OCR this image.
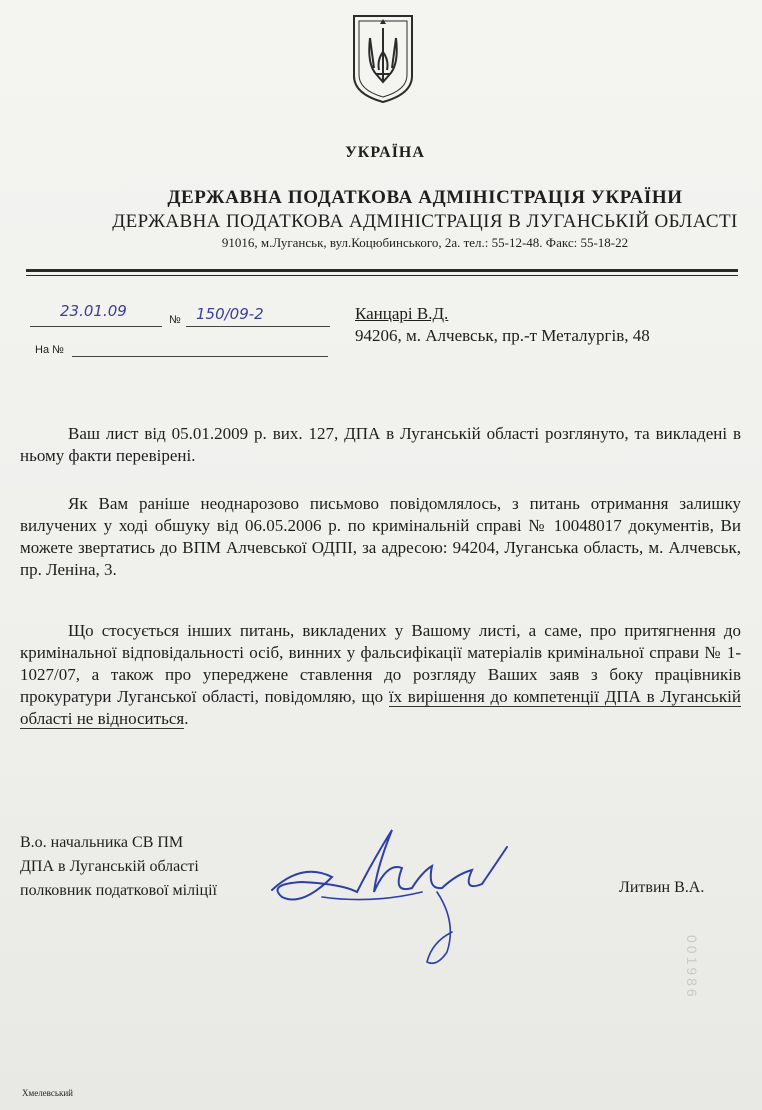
УКРАЇНА
ДЕРЖАВНА ПОДАТКОВА АДМІНІСТРАЦІЯ УКРАЇНИ
ДЕРЖАВНА ПОДАТКОВА АДМІНІСТРАЦІЯ В ЛУГАНСЬКІЙ ОБЛАСТІ
91016, м.Луганськ, вул.Коцюбинського, 2а. тел.: 55-12-48. Факс: 55-18-22
23.01.09	№ 150/09-2
На №
Канцарі В.Д.
94206, м. Алчевськ, пр.-т Металургів, 48
Ваш лист від 05.01.2009 р. вих. 127, ДПА в Луганській області розглянуто, та викладені в ньому факти перевірені.
Як Вам раніше неоднарозово письмово повідомлялось, з питань отримання залишку вилучених у ході обшуку від 06.05.2006 р. по кримінальній справі № 10048017 документів, Ви можете звертатись до ВПМ Алчевської ОДПІ, за адресою: 94204, Луганська область, м. Алчевськ, пр. Леніна, 3.
Що стосується інших питань, викладених у Вашому листі, а саме, про притягнення до кримінальної відповідальності осіб, винних у фальсифікації матеріалів кримінальної справи № 1-1027/07, а також про упереджене ставлення до розгляду Ваших заяв з боку працівників прокуратури Луганської області, повідомляю, що їх вирішення до компетенції ДПА в Луганській області не відноситься.
В.о. начальника СВ ПМ
ДПА в Луганській області
полковник податкової міліції	Литвин В.А.
001986
Хмелевський
